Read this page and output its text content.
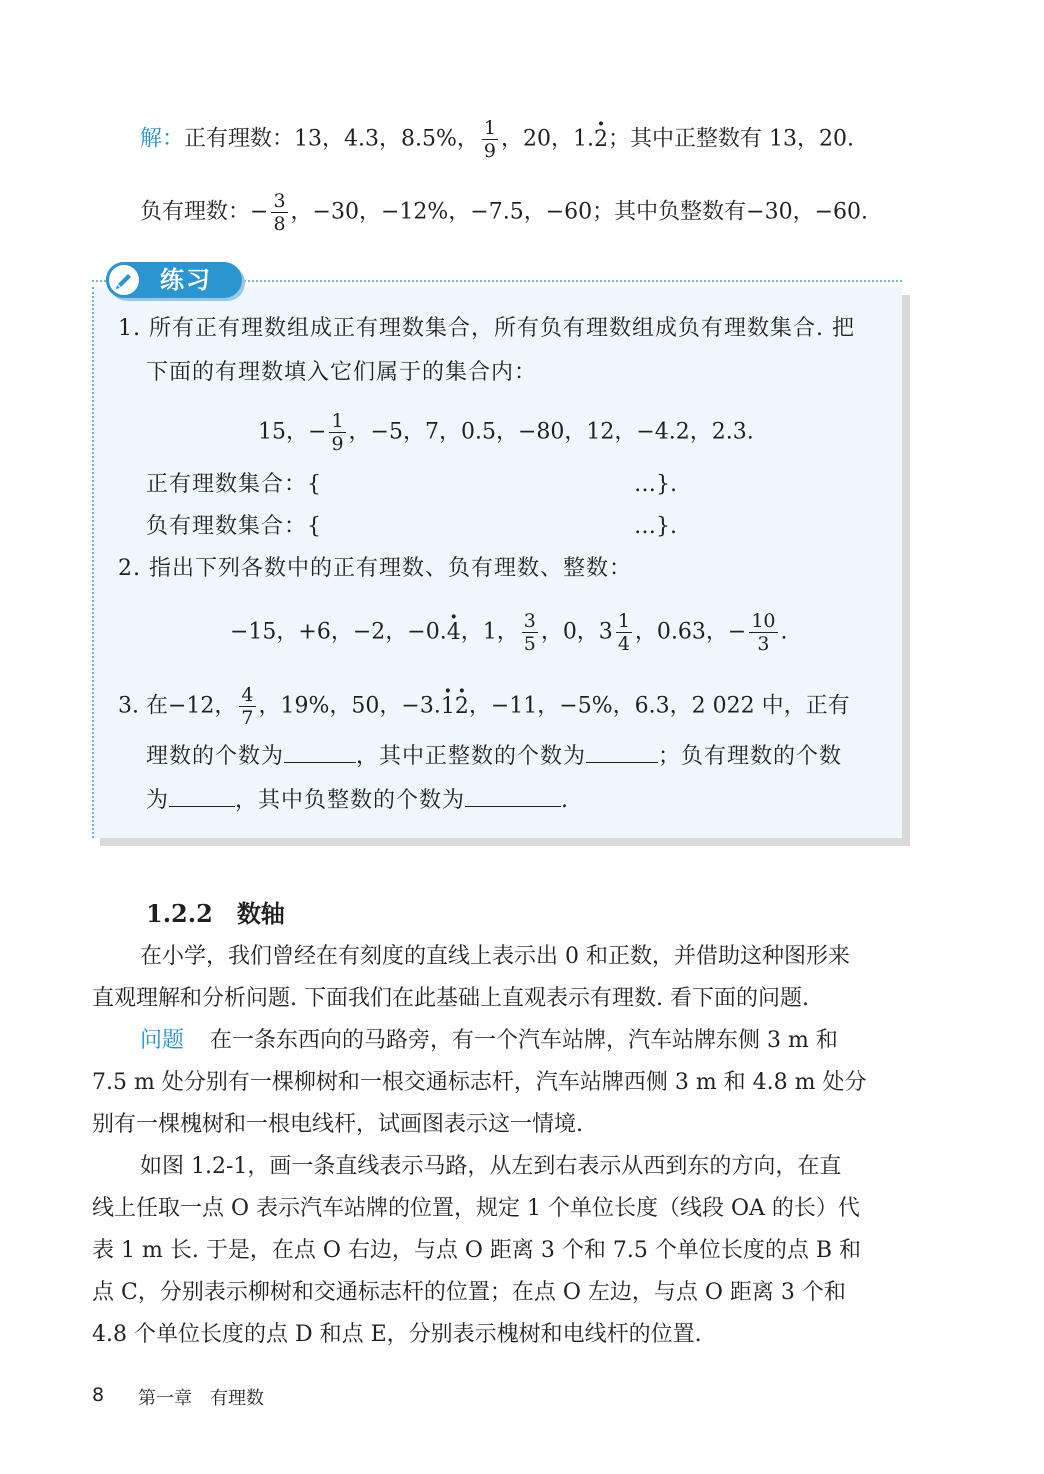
解：正有理数：13，4.3，8.5%， $\frac{1}{9}$ ，20，1.· 2；其中正整数有 13，20.
负有理数：− $\frac{3}{8}$ ，−30，−12%，−7.5，−60；其中负整数有−30，−60.
练习
1. 所有正有理数组成正有理数集合，所有负有理数组成负有理数集合. 把
下面的有理数填入它们属于的集合内：
15，− $\frac{1}{9}$ ，−5，7，0.5，−80，12，−4.2，2.3.
正有理数集合：{	…}.
负有理数集合：{	…}.
2. 指出下列各数中的正有理数、负有理数、整数：
−15，+6，−2，−0.· 4，1， $\frac{3}{5}$ ，0，$3 \frac{1}{4}$ ，0.63，− $\frac{10}{3}$ .
3. 在−12， $\frac{4}{7}$ ，19%，50，−3.· 1· 2，−11，−5%，6.3，2 022 中，正有
理数的个数为	，其中正整数的个数为	；负有理数的个数
为	，其中负整数的个数为	.
1.2.2 数轴
在小学，我们曾经在有刻度的直线上表示出 0 和正数，并借助这种图形来
直观理解和分析问题. 下面我们在此基础上直观表示有理数. 看下面的问题.
问题 在一条东西向的马路旁，有一个汽车站牌，汽车站牌东侧 3 m 和
7.5 m 处分别有一棵柳树和一根交通标志杆，汽车站牌西侧 3 m 和 4.8 m 处分
别有一棵槐树和一根电线杆，试画图表示这一情境.
如图 1.2-1，画一条直线表示马路，从左到右表示从西到东的方向，在直
线上任取一点 O 表示汽车站牌的位置，规定 1 个单位长度（线段 OA 的长）代
表 1 m 长. 于是，在点 O 右边，与点 O 距离 3 个和 7.5 个单位长度的点 B 和
点 C，分别表示柳树和交通标志杆的位置；在点 O 左边，与点 O 距离 3 个和
4.8 个单位长度的点 D 和点 E，分别表示槐树和电线杆的位置.
8 第一章　有理数
